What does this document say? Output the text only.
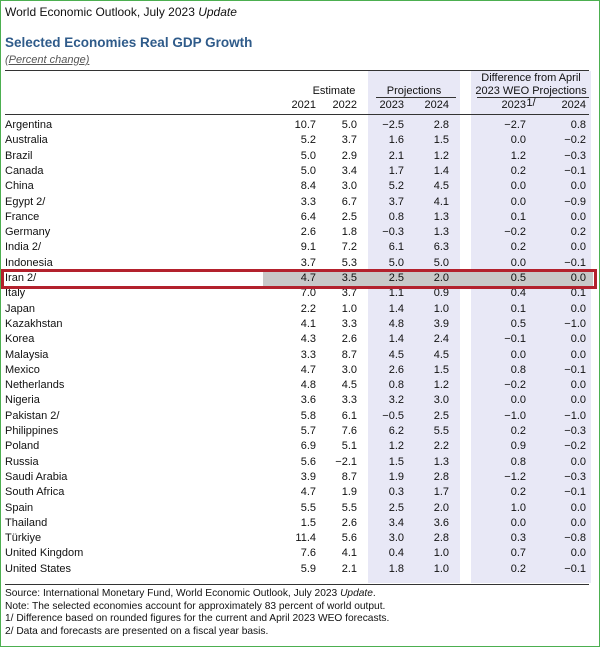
World Economic Outlook, July 2023 Update
Selected Economies Real GDP Growth
(Percent change)
Estimate	Projections
Difference from April
2023 WEO Projections 1/
2021	2022	2023	2024	2023	2024
Argentina	10.7	5.0	−2.5	2.8	−2.7	0.8
Australia	5.2	3.7	1.6	1.5	0.0	−0.2
Brazil	5.0	2.9	2.1	1.2	1.2	−0.3
Canada	5.0	3.4	1.7	1.4	0.2	−0.1
China	8.4	3.0	5.2	4.5	0.0	0.0
Egypt 2/	3.3	6.7	3.7	4.1	0.0	−0.9
France	6.4	2.5	0.8	1.3	0.1	0.0
Germany	2.6	1.8	−0.3	1.3	−0.2	0.2
India 2/	9.1	7.2	6.1	6.3	0.2	0.0
Indonesia	3.7	5.3	5.0	5.0	0.0	−0.1
Iran 2/	4.7	3.5	2.5	2.0	0.5	0.0
Italy	7.0	3.7	1.1	0.9	0.4	0.1
Japan	2.2	1.0	1.4	1.0	0.1	0.0
Kazakhstan	4.1	3.3	4.8	3.9	0.5	−1.0
Korea	4.3	2.6	1.4	2.4	−0.1	0.0
Malaysia	3.3	8.7	4.5	4.5	0.0	0.0
Mexico	4.7	3.0	2.6	1.5	0.8	−0.1
Netherlands	4.8	4.5	0.8	1.2	−0.2	0.0
Nigeria	3.6	3.3	3.2	3.0	0.0	0.0
Pakistan 2/	5.8	6.1	−0.5	2.5	−1.0	−1.0
Philippines	5.7	7.6	6.2	5.5	0.2	−0.3
Poland	6.9	5.1	1.2	2.2	0.9	−0.2
Russia	5.6	−2.1	1.5	1.3	0.8	0.0
Saudi Arabia	3.9	8.7	1.9	2.8	−1.2	−0.3
South Africa	4.7	1.9	0.3	1.7	0.2	−0.1
Spain	5.5	5.5	2.5	2.0	1.0	0.0
Thailand	1.5	2.6	3.4	3.6	0.0	0.0
Türkiye	11.4	5.6	3.0	2.8	0.3	−0.8
United Kingdom	7.6	4.1	0.4	1.0	0.7	0.0
United States	5.9	2.1	1.8	1.0	0.2	−0.1
Source: International Monetary Fund, World Economic Outlook, July 2023 Update.
Note: The selected economies account for approximately 83 percent of world output.
1/ Difference based on rounded figures for the current and April 2023 WEO forecasts.
2/ Data and forecasts are presented on a fiscal year basis.
